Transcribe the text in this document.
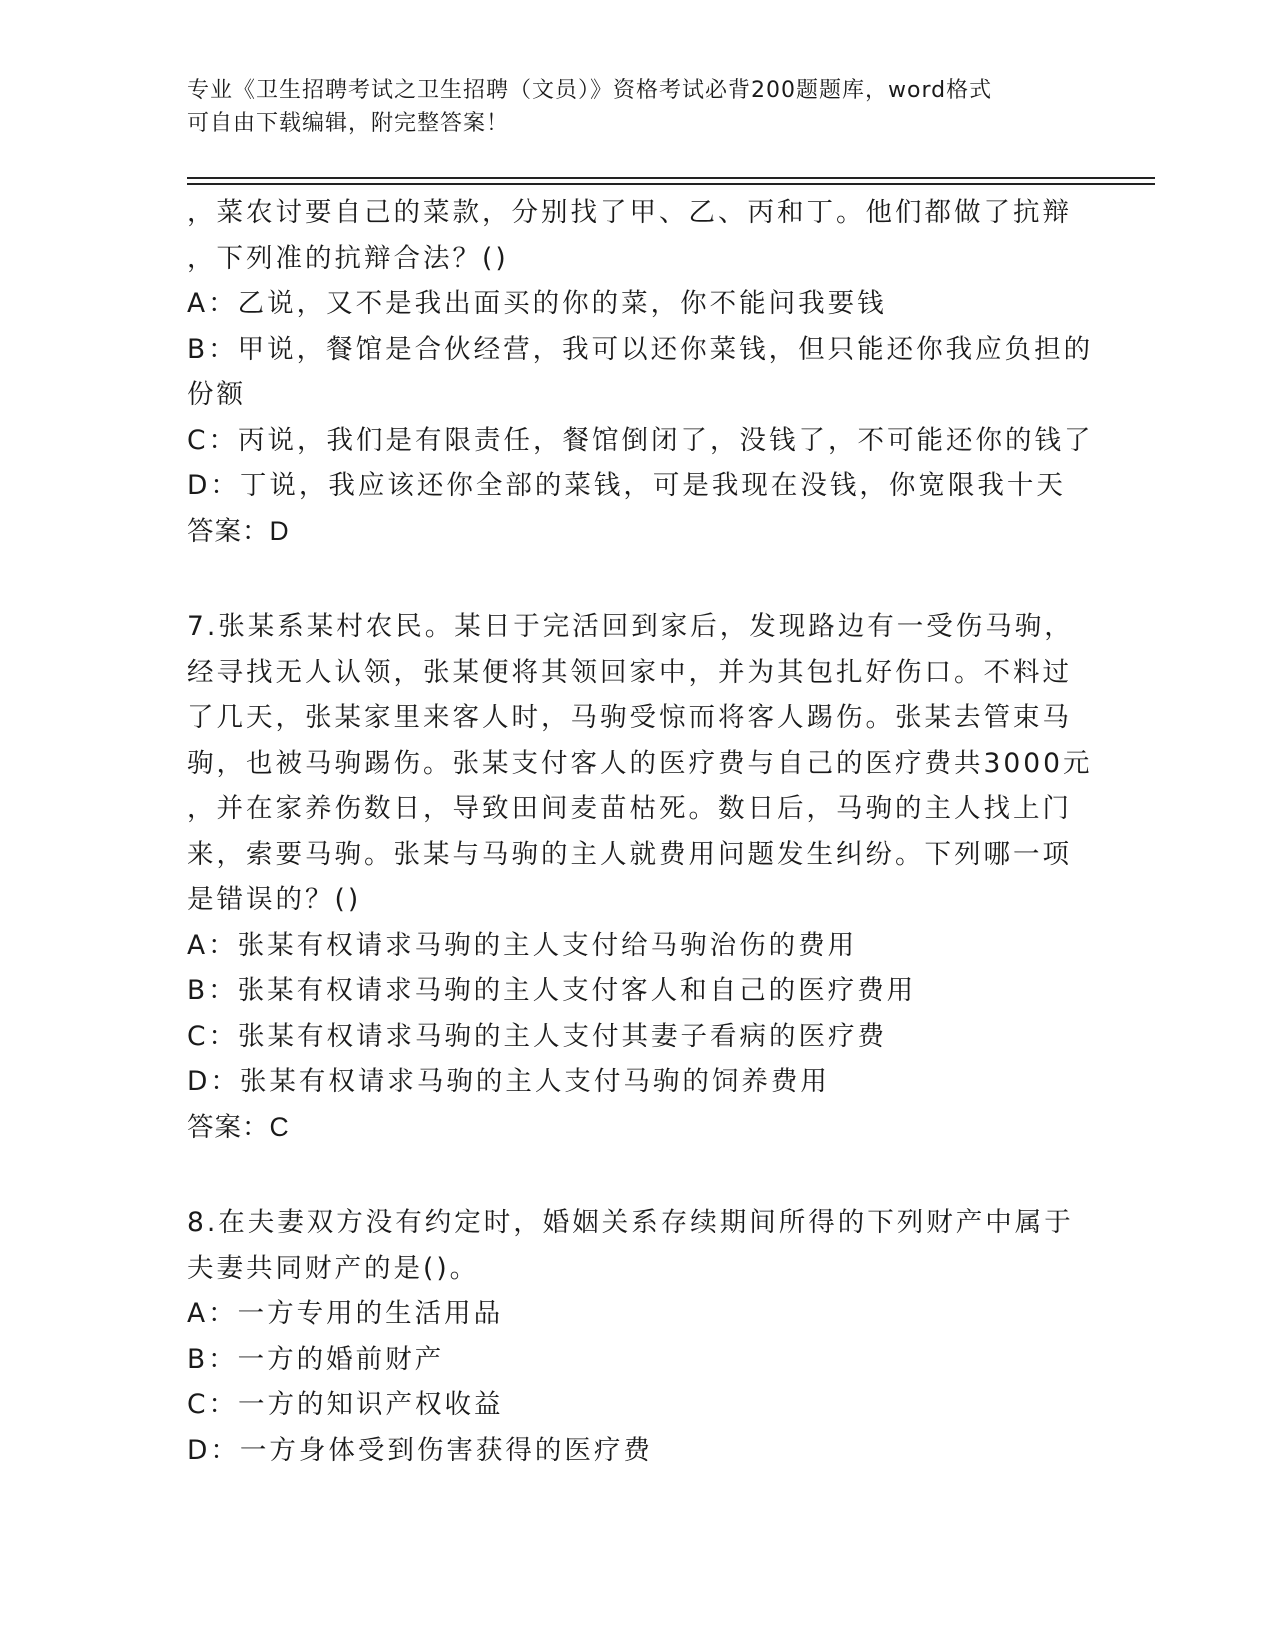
专业《卫生招聘考试之卫生招聘（文员）》资格考试必背200题题库，word格式
可自由下载编辑，附完整答案！
，菜农讨要自己的菜款，分别找了甲、乙、丙和丁。他们都做了抗辩
，下列准的抗辩合法？()
A：乙说，又不是我出面买的你的菜，你不能问我要钱
B：甲说，餐馆是合伙经营，我可以还你菜钱，但只能还你我应负担的
份额
C：丙说，我们是有限责任，餐馆倒闭了，没钱了，不可能还你的钱了
D：丁说，我应该还你全部的菜钱，可是我现在没钱，你宽限我十天
答案：D
7.张某系某村农民。某日于完活回到家后，发现路边有一受伤马驹，
经寻找无人认领，张某便将其领回家中，并为其包扎好伤口。不料过
了几天，张某家里来客人时，马驹受惊而将客人踢伤。张某去管束马
驹，也被马驹踢伤。张某支付客人的医疗费与自己的医疗费共3000元
，并在家养伤数日，导致田间麦苗枯死。数日后，马驹的主人找上门
来，索要马驹。张某与马驹的主人就费用问题发生纠纷。下列哪一项
是错误的？()
A：张某有权请求马驹的主人支付给马驹治伤的费用
B：张某有权请求马驹的主人支付客人和自己的医疗费用
C：张某有权请求马驹的主人支付其妻子看病的医疗费
D：张某有权请求马驹的主人支付马驹的饲养费用
答案：C
8.在夫妻双方没有约定时，婚姻关系存续期间所得的下列财产中属于
夫妻共同财产的是()。
A：一方专用的生活用品
B：一方的婚前财产
C：一方的知识产权收益
D：一方身体受到伤害获得的医疗费
